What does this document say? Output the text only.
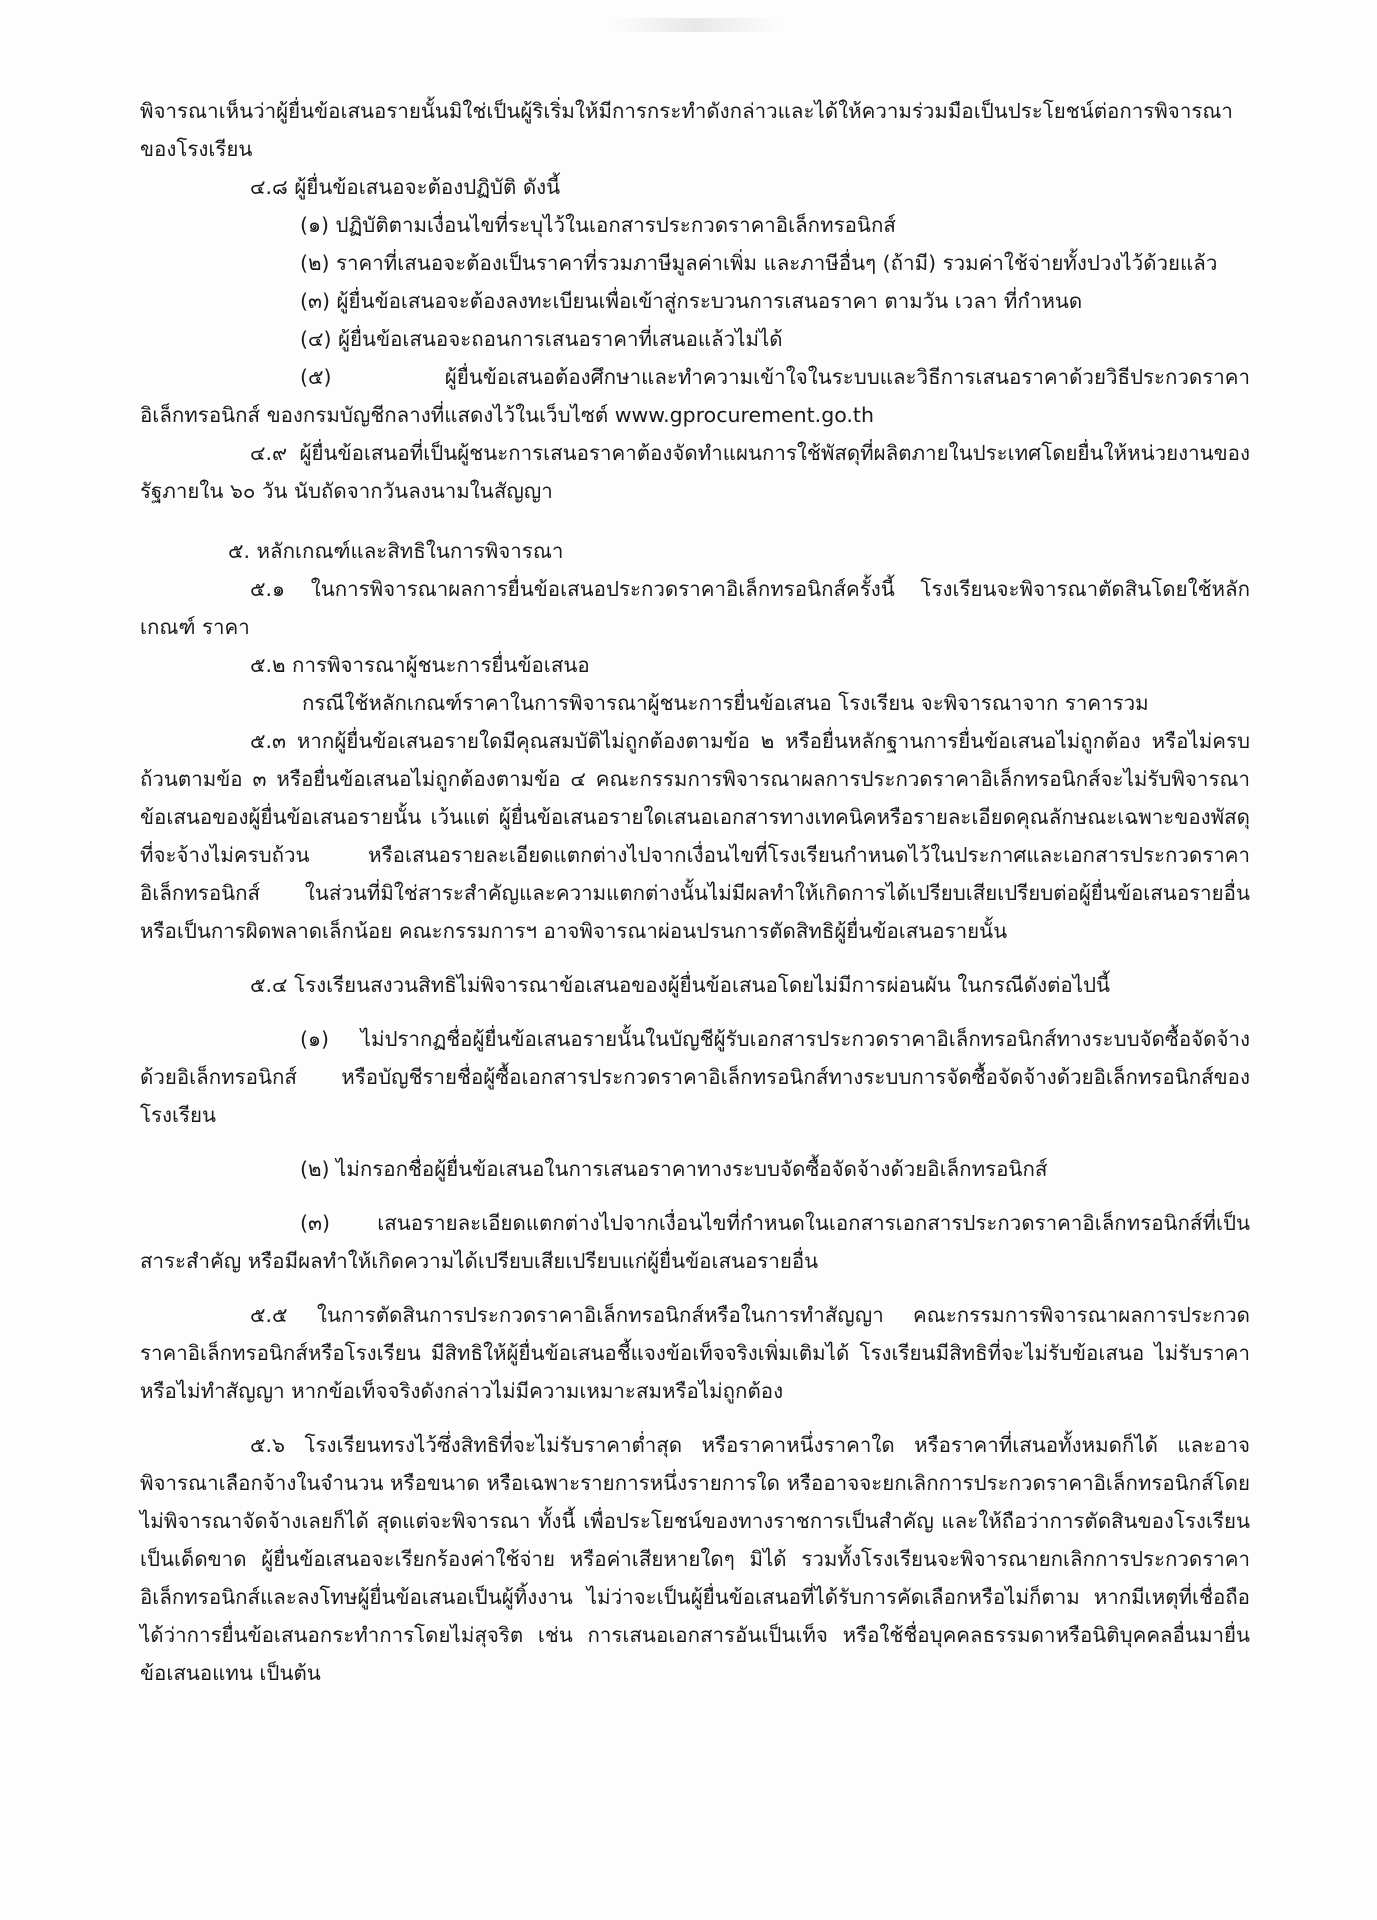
พิจารณาเห็นว่าผู้ยื่นข้อเสนอรายนั้นมิใช่เป็นผู้ริเริ่มให้มีการกระทำดังกล่าวและได้ให้ความร่วมมือเป็นประโยชน์ต่อการพิจารณาของโรงเรียน

๔.๘ ผู้ยื่นข้อเสนอจะต้องปฏิบัติ ดังนี้

(๑) ปฏิบัติตามเงื่อนไขที่ระบุไว้ในเอกสารประกวดราคาอิเล็กทรอนิกส์

(๒) ราคาที่เสนอจะต้องเป็นราคาที่รวมภาษีมูลค่าเพิ่ม และภาษีอื่นๆ (ถ้ามี) รวมค่าใช้จ่ายทั้งปวงไว้ด้วยแล้ว

(๓) ผู้ยื่นข้อเสนอจะต้องลงทะเบียนเพื่อเข้าสู่กระบวนการเสนอราคา ตามวัน เวลา ที่กำหนด

(๔) ผู้ยื่นข้อเสนอจะถอนการเสนอราคาที่เสนอแล้วไม่ได้

(๕) ผู้ยื่นข้อเสนอต้องศึกษาและทำความเข้าใจในระบบและวิธีการเสนอราคาด้วยวิธีประกวดราคาอิเล็กทรอนิกส์ ของกรมบัญชีกลางที่แสดงไว้ในเว็บไซต์ www.gprocurement.go.th

๔.๙ ผู้ยื่นข้อเสนอที่เป็นผู้ชนะการเสนอราคาต้องจัดทำแผนการใช้พัสดุที่ผลิตภายในประเทศโดยยื่นให้หน่วยงานของรัฐภายใน ๖๐ วัน นับถัดจากวันลงนามในสัญญา

๕. หลักเกณฑ์และสิทธิในการพิจารณา

๕.๑ ในการพิจารณาผลการยื่นข้อเสนอประกวดราคาอิเล็กทรอนิกส์ครั้งนี้ โรงเรียนจะพิจารณาตัดสินโดยใช้หลักเกณฑ์ ราคา

๕.๒ การพิจารณาผู้ชนะการยื่นข้อเสนอ

กรณีใช้หลักเกณฑ์ราคาในการพิจารณาผู้ชนะการยื่นข้อเสนอ โรงเรียน จะพิจารณาจาก ราคารวม

๕.๓ หากผู้ยื่นข้อเสนอรายใดมีคุณสมบัติไม่ถูกต้องตามข้อ ๒ หรือยื่นหลักฐานการยื่นข้อเสนอไม่ถูกต้อง หรือไม่ครบถ้วนตามข้อ ๓ หรือยื่นข้อเสนอไม่ถูกต้องตามข้อ ๔ คณะกรรมการพิจารณาผลการประกวดราคาอิเล็กทรอนิกส์จะไม่รับพิจารณาข้อเสนอของผู้ยื่นข้อเสนอรายนั้น เว้นแต่ ผู้ยื่นข้อเสนอรายใดเสนอเอกสารทางเทคนิคหรือรายละเอียดคุณลักษณะเฉพาะของพัสดุที่จะจ้างไม่ครบถ้วน หรือเสนอรายละเอียดแตกต่างไปจากเงื่อนไขที่โรงเรียนกำหนดไว้ในประกาศและเอกสารประกวดราคาอิเล็กทรอนิกส์ ในส่วนที่มิใช่สาระสำคัญและความแตกต่างนั้นไม่มีผลทำให้เกิดการได้เปรียบเสียเปรียบต่อผู้ยื่นข้อเสนอรายอื่น หรือเป็นการผิดพลาดเล็กน้อย คณะกรรมการฯ อาจพิจารณาผ่อนปรนการตัดสิทธิผู้ยื่นข้อเสนอรายนั้น

๕.๔ โรงเรียนสงวนสิทธิไม่พิจารณาข้อเสนอของผู้ยื่นข้อเสนอโดยไม่มีการผ่อนผัน ในกรณีดังต่อไปนี้

(๑) ไม่ปรากฏชื่อผู้ยื่นข้อเสนอรายนั้นในบัญชีผู้รับเอกสารประกวดราคาอิเล็กทรอนิกส์ทางระบบจัดซื้อจัดจ้างด้วยอิเล็กทรอนิกส์ หรือบัญชีรายชื่อผู้ซื้อเอกสารประกวดราคาอิเล็กทรอนิกส์ทางระบบการจัดซื้อจัดจ้างด้วยอิเล็กทรอนิกส์ของโรงเรียน

(๒) ไม่กรอกชื่อผู้ยื่นข้อเสนอในการเสนอราคาทางระบบจัดซื้อจัดจ้างด้วยอิเล็กทรอนิกส์

(๓) เสนอรายละเอียดแตกต่างไปจากเงื่อนไขที่กำหนดในเอกสารเอกสารประกวดราคาอิเล็กทรอนิกส์ที่เป็นสาระสำคัญ หรือมีผลทำให้เกิดความได้เปรียบเสียเปรียบแก่ผู้ยื่นข้อเสนอรายอื่น

๕.๕ ในการตัดสินการประกวดราคาอิเล็กทรอนิกส์หรือในการทำสัญญา คณะกรรมการพิจารณาผลการประกวดราคาอิเล็กทรอนิกส์หรือโรงเรียน มีสิทธิให้ผู้ยื่นข้อเสนอชี้แจงข้อเท็จจริงเพิ่มเติมได้ โรงเรียนมีสิทธิที่จะไม่รับข้อเสนอ ไม่รับราคา หรือไม่ทำสัญญา หากข้อเท็จจริงดังกล่าวไม่มีความเหมาะสมหรือไม่ถูกต้อง

๕.๖ โรงเรียนทรงไว้ซึ่งสิทธิที่จะไม่รับราคาต่ำสุด หรือราคาหนึ่งราคาใด หรือราคาที่เสนอทั้งหมดก็ได้ และอาจพิจารณาเลือกจ้างในจำนวน หรือขนาด หรือเฉพาะรายการหนึ่งรายการใด หรืออาจจะยกเลิกการประกวดราคาอิเล็กทรอนิกส์โดยไม่พิจารณาจัดจ้างเลยก็ได้ สุดแต่จะพิจารณา ทั้งนี้ เพื่อประโยชน์ของทางราชการเป็นสำคัญ และให้ถือว่าการตัดสินของโรงเรียนเป็นเด็ดขาด ผู้ยื่นข้อเสนอจะเรียกร้องค่าใช้จ่าย หรือค่าเสียหายใดๆ มิได้ รวมทั้งโรงเรียนจะพิจารณายกเลิกการประกวดราคาอิเล็กทรอนิกส์และลงโทษผู้ยื่นข้อเสนอเป็นผู้ทิ้งงาน ไม่ว่าจะเป็นผู้ยื่นข้อเสนอที่ได้รับการคัดเลือกหรือไม่ก็ตาม หากมีเหตุที่เชื่อถือได้ว่าการยื่นข้อเสนอกระทำการโดยไม่สุจริต เช่น การเสนอเอกสารอันเป็นเท็จ หรือใช้ชื่อบุคคลธรรมดาหรือนิติบุคคลอื่นมายื่นข้อเสนอแทน เป็นต้น
